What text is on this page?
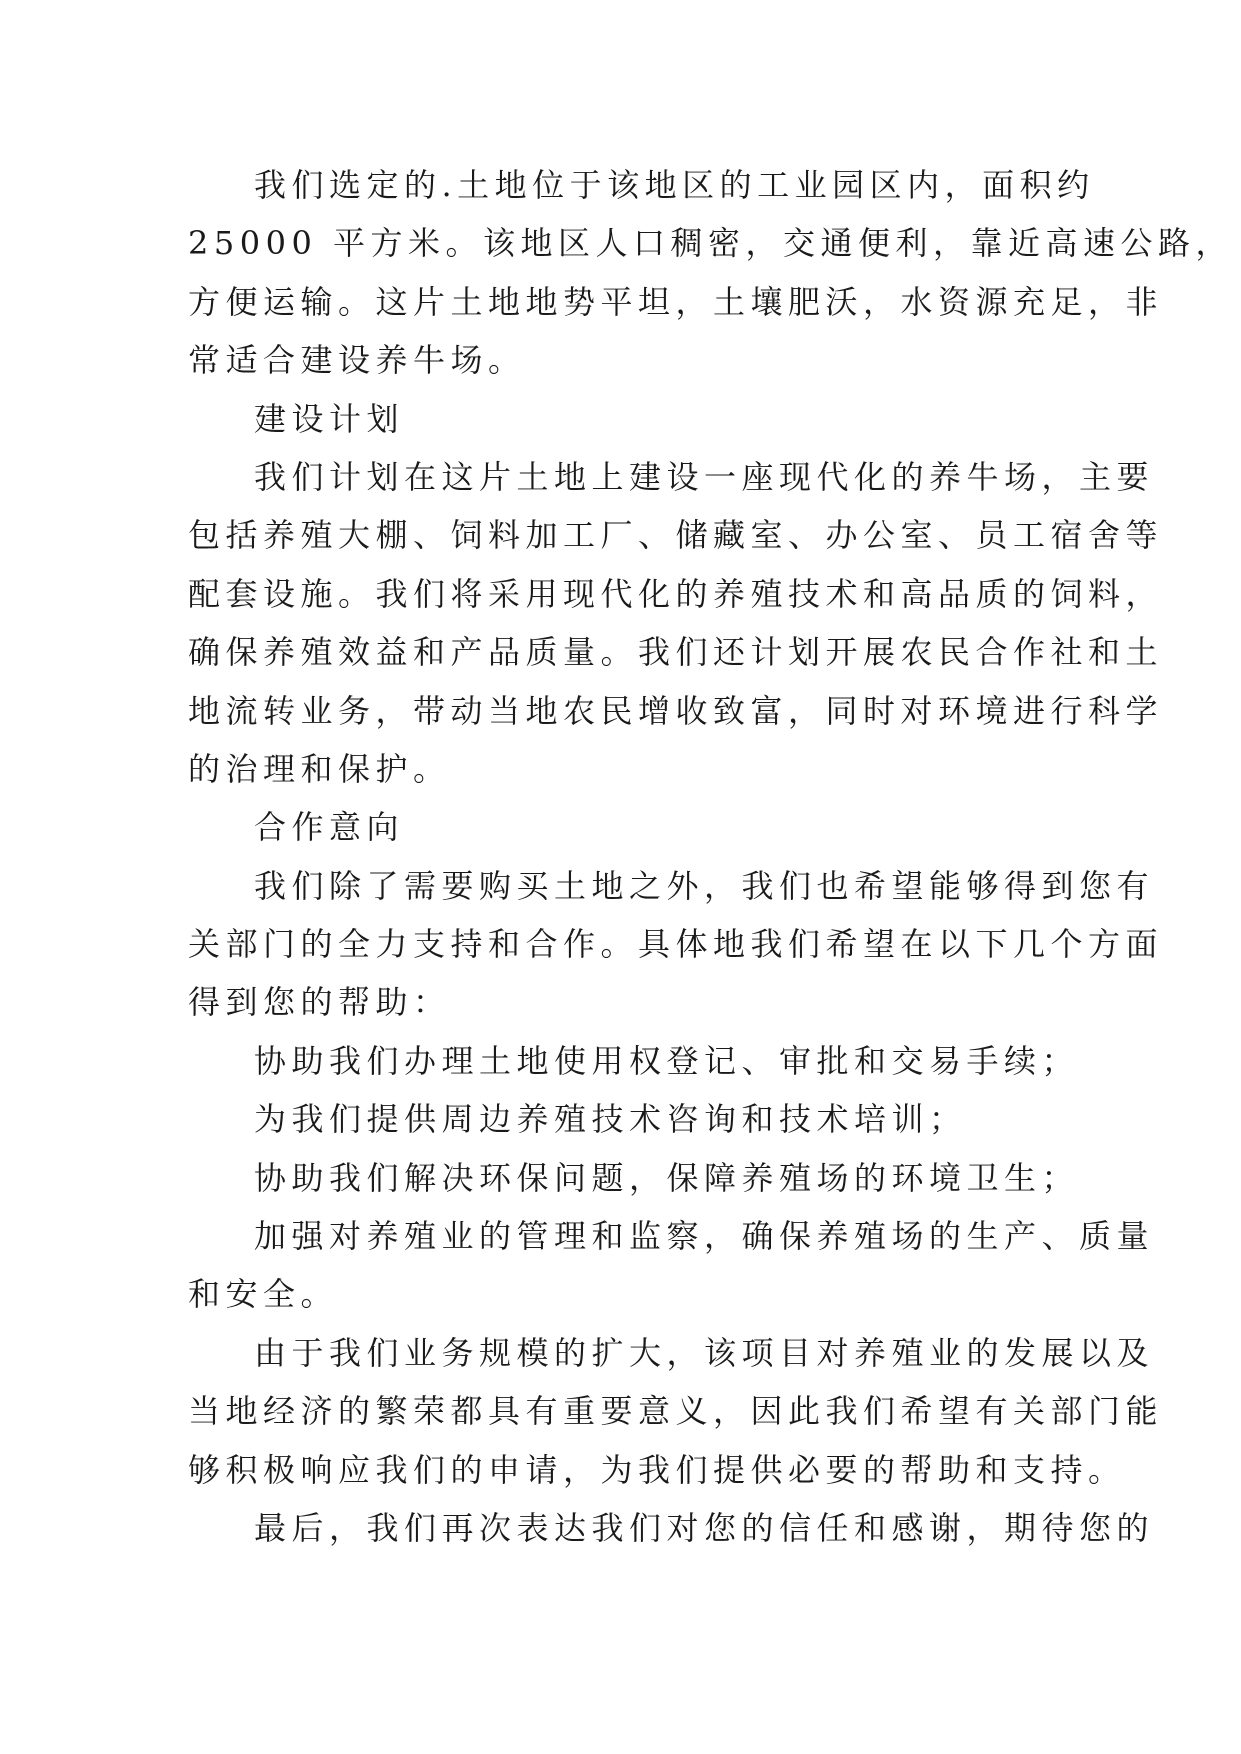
我们选定的.土地位于该地区的工业园区内，面积约
25000 平方米。该地区人口稠密，交通便利，靠近高速公路，
方便运输。这片土地地势平坦，土壤肥沃，水资源充足，非
常适合建设养牛场。
建设计划
我们计划在这片土地上建设一座现代化的养牛场，主要
包括养殖大棚、饲料加工厂、储藏室、办公室、员工宿舍等
配套设施。我们将采用现代化的养殖技术和高品质的饲料，
确保养殖效益和产品质量。我们还计划开展农民合作社和土
地流转业务，带动当地农民增收致富，同时对环境进行科学
的治理和保护。
合作意向
我们除了需要购买土地之外，我们也希望能够得到您有
关部门的全力支持和合作。具体地我们希望在以下几个方面
得到您的帮助：
协助我们办理土地使用权登记、审批和交易手续；
为我们提供周边养殖技术咨询和技术培训；
协助我们解决环保问题，保障养殖场的环境卫生；
加强对养殖业的管理和监察，确保养殖场的生产、质量
和安全。
由于我们业务规模的扩大，该项目对养殖业的发展以及
当地经济的繁荣都具有重要意义，因此我们希望有关部门能
够积极响应我们的申请，为我们提供必要的帮助和支持。
最后，我们再次表达我们对您的信任和感谢，期待您的
